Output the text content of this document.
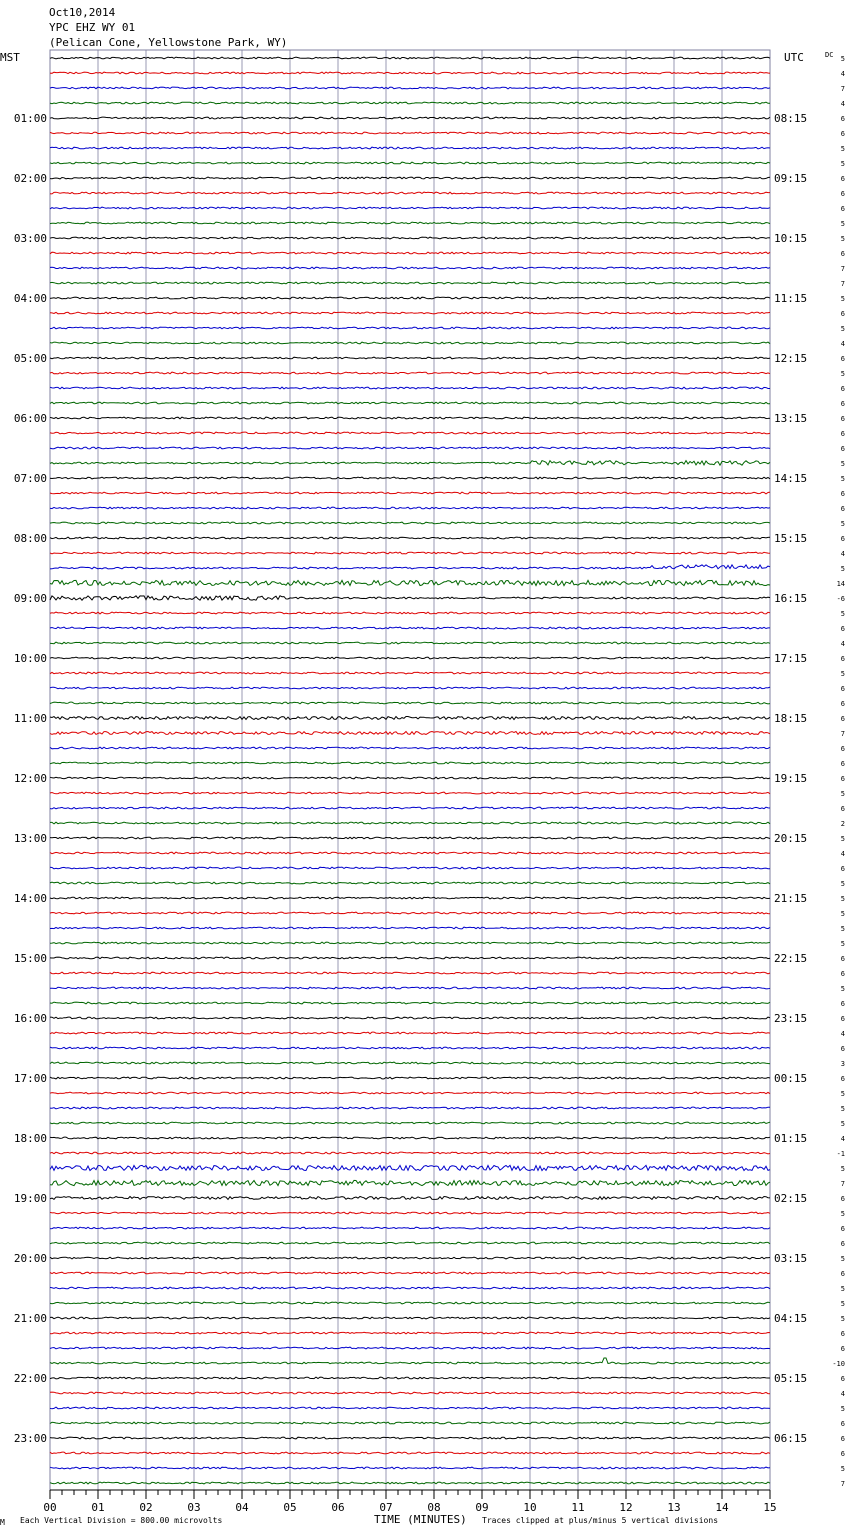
Oct10,2014
YPC EHZ WY 01
(Pelican Cone, Yellowstone Park, WY)
MST	UTC	DC
01:00	08:15
02:00	09:15
03:00	10:15
04:00	11:15
05:00	12:15
06:00	13:15
07:00	14:15
08:00	15:15
09:00	16:15
10:00	17:15
11:00	18:15
12:00	19:15
13:00	20:15
14:00	21:15
15:00	22:15
16:00	23:15
17:00	00:15
18:00	01:15
19:00	02:15
20:00	03:15
21:00	04:15
22:00	05:15
23:00	06:15
5
4
7
4
6
6
5
5
6
6
6
5
5
6
7
7
5
6
5
4
6
5
6
6
6
6
6
5
5
6
6
5
6
4
5
14
-6
5
6
4
6
5
6
6
6
7
6
6
6
5
6
2
5
4
6
5
5
5
5
5
6
6
5
6
6
4
6
3
6
5
5
5
4
-1
5
7
6
5
6
6
5
6
5
5
5
6
6
-10
6
4
5
6
6
6
5
7
00	01	02	03	04	05	06	07	08	09	10	11	12	13	14	15
M Each Vertical Division = 800.00 microvolts	TIME (MINUTES) Traces clipped at plus/minus 5 vertical divisions
